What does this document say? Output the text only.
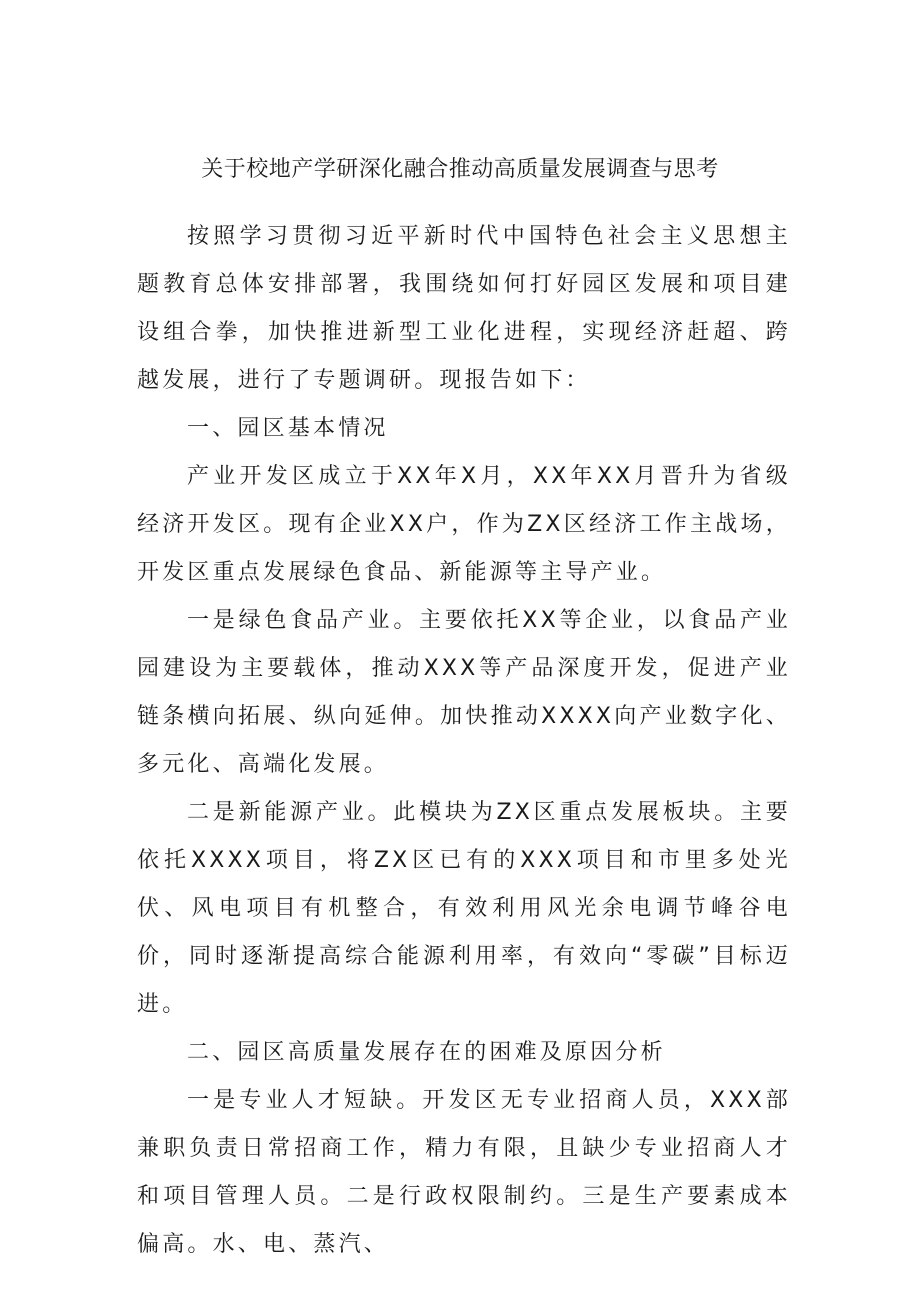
关于校地产学研深化融合推动高质量发展调查与思考

按照学习贯彻习近平新时代中国特色社会主义思想主题教育总体安排部署，我围绕如何打好园区发展和项目建设组合拳，加快推进新型工业化进程，实现经济赶超、跨越发展，进行了专题调研。现报告如下：

一、园区基本情况

产业开发区成立于XX年X月，XX年XX月晋升为省级经济开发区。现有企业XX户，作为ZX区经济工作主战场，开发区重点发展绿色食品、新能源等主导产业。

一是绿色食品产业。主要依托XX等企业，以食品产业园建设为主要载体，推动XXX等产品深度开发，促进产业链条横向拓展、纵向延伸。加快推动XXXX向产业数字化、多元化、高端化发展。

二是新能源产业。此模块为ZX区重点发展板块。主要依托XXXX项目，将ZX区已有的XXX项目和市里多处光伏、风电项目有机整合，有效利用风光余电调节峰谷电价，同时逐渐提高综合能源利用率，有效向“零碳”目标迈进。

二、园区高质量发展存在的困难及原因分析

一是专业人才短缺。开发区无专业招商人员，XXX部兼职负责日常招商工作，精力有限，且缺少专业招商人才和项目管理人员。二是行政权限制约。三是生产要素成本偏高。水、电、蒸汽、
